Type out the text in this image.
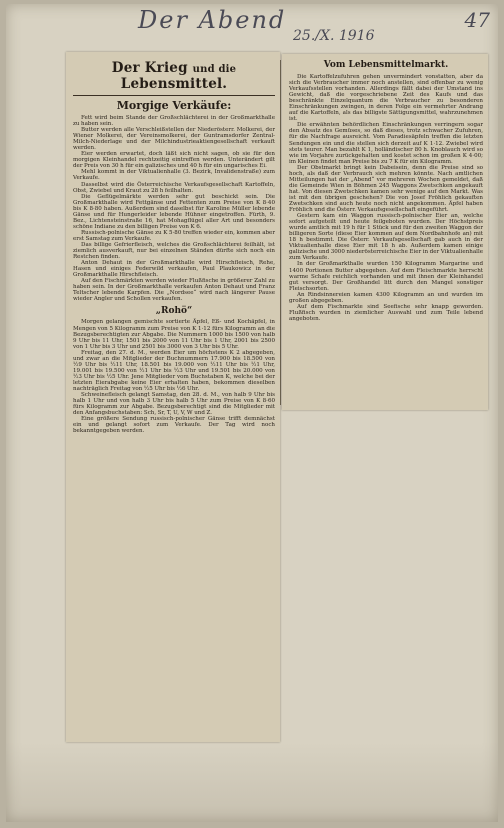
Der Abend
25./X. 1916
47
Der Krieg und die Lebensmittel.
Morgige Verkäufe:

Fett wird beim Stande der Großschlächterei in der Großmarkthalle zu haben sein.

Butter werden alle Verschleißstellen der Niederösterr. Molkerei, der Wiener Molkerei, der Vereinsmolkerei, der Guntramsdorfer Zentral-Milch-Niederlage und der Milchindustrieaktiengesellschaft verkauft werden.

Eier werden erwartet, doch läßt sich nicht sagen, ob sie für den morgigen Kleinhandel rechtzeitig eintreffen werden. Unterändert gilt der Preis von 30 h für ein galizisches und 40 h für ein ungarisches Ei.

Mehl kommt in der Viktualienhalle (3. Bezirk, Invalidenstraße) zum Verkaufe.

Dasselbst wird die Österreichische Verkaufsgesellschaft Kartoffeln, Obst, Zwiebel und Kraut zu 28 h feilhalten.

Die Geflügelmärkte werden sehr gut beschickt sein. Die Großmarkthalle wird Fettgänse und Fettenten zum Preise von K 8·40 bis K 8·80 haben. Außerdem sind daselbst für Karoline Müller lebende Gänse und für Hungerleider lebende Hühner eingetroffen. Fürth, 9. Bez., Lichtensteinstraße 16, hat Mohagflügel aller Art und besonders schöne Indiane zu den billigen Preise von K 6.

Russisch-polnische Gänse zu K 5·80 treffen wieder ein, kommen aber erst Samstag zum Verkaufe.

Das billige Gefrierfleisch, welches die Großschlächterei feilhält, ist ziemlich ausverkauft, nur bei einzelnen Ständen dürfte sich noch ein Restchen finden.

Anton Dehaut in der Großmarkthalle wird Hirschfleisch, Rehe, Hasen und einiges Federwild verkaufen, Paul Plaukowicz in der Großmarkthalle Hirschfleisch.

Auf den Fischmärkten werden wieder Flußfische in größerer Zahl zu haben sein. In der Großmarkthalle verkaufen Anton Dehaut und Franz Teltscher lebende Karpfen. Die „Nordsee“ wird nach längerer Pause wieder Angler und Schollen verkaufen.

„Rohö“

Morgen gelangen gemischte sortierte Äpfel, Eß- und Kochäpfel, in Mengen von 5 Kilogramm zum Preise von K 1·12 fürs Kilogramm an die Bezugsberechtigten zur Abgabe. Die Nummern 1000 bis 1500 von halb 9 Uhr bis 11 Uhr, 1501 bis 2000 von 11 Uhr bis 1 Uhr, 2001 bis 2500 von 1 Uhr bis 3 Uhr und 2501 bis 3000 von 3 Uhr bis 5 Uhr.

Freitag, den 27. d. M., werden Eier um höchstens K 2 abgegeben, und zwar an die Mitglieder der Buchnummern 17.900 bis 18.500 von ½9 Uhr bis ½11 Uhr, 18.501 bis 19.000 von ½11 Uhr bis ½1 Uhr, 19.001 bis 19.500 von ½1 Uhr bis ½3 Uhr und 19.501 bis 20.000 von ½3 Uhr bis ½5 Uhr. Jene Mitglieder vom Buchstaben K, welche bei der letzten Eierabgabe keine Eier erhalten haben, bekommen dieselben nachträglich Freitag von ½5 Uhr bis ½6 Uhr.

Schweinefleisch gelangt Samstag, den 28. d. M., von halb 9 Uhr bis halb 1 Uhr und von halb 3 Uhr bis halb 5 Uhr zum Preise von K 8·60 fürs Kilogramm zur Abgabe. Bezugsberechtigt sind die Mitglieder mit den Anfangsbuchstaben: Sch, Sr, T, U, V, W und Z.

Eine größere Sendung russisch-polnischer Gänse trifft demnächst ein und gelangt sofort zum Verkaufe. Der Tag wird noch bekanntgegeben werden.

Vom Lebensmittelmarkt.

Die Kartoffelzufuhren gehen unvermindert vonstatten, aber da sich die Verbraucher immer noch anstellen, sind offenbar zu wenig Verkaufsstellen vorhanden. Allerdings fällt dabei der Umstand ins Gewicht, daß die vorgeschriebene Zeit des Kaufs und das beschränkte Einzelquantum die Verbraucher zu besonderen Einschränkungen zwingen, in deren Folge ein vermehrter Andrang auf die Kartoffeln, als das billigste Sättigungsmittel, wahrzunehmen ist.

Die erwähnten behördlichen Einschränkungen verringern sogar den Absatz des Gemüses, so daß dieses, trotz schwacher Zufuhren, für die Nachfrage ausreicht. Vom Paradiesäpfeln treffen die letzten Sendungen ein und die stellen sich derzeit auf K 1·12. Zwiebel wird stets teurer. Man bezahlt K 1, holländischer 80 h. Knoblauch wird so wie im Vorjahre zurückgehalten und kostet schon im großen K 4·00; im Kleinen findet man Preise bis zu 7 K für ein Kilogramm.

Der Obstmarkt bringt kein Dabeisein, denn die Preise sind so hoch, als daß der Verbrauch sich mehren könnte. Nach amtlichen Mitteilungen hat der „Abend“ vor mehreren Wochen gemeldet, daß die Gemeinde Wien in Böhmen 245 Waggons Zwetschken angekauft hat. Von diesen Zwetschken kamen sehr wenige auf den Markt. Was ist mit den übrigen geschehen? Die von Josef Fröhlich gekauften Zwetschken sind auch heute noch nicht angekommen. Äpfel haben Fröhlich und die Österr. Verkaufsgesellschaft eingeführt.

Gestern kam ein Waggon russisch-polnischer Eier an, welche sofort aufgeteilt und heute feilgeboten wurden. Der Höchstpreis wurde amtlich mit 19 h für 1 Stück und für den zweiten Waggon der billigeren Sorte (diese Eier kommen auf dem Nordbahnhofe an) mit 18 h bestimmt. Die Österr. Verkaufsgesellschaft gab auch in der Viktualienhalle diese Eier mit 18 h ab. Außerdem kamen einige galizische und 3000 niederösterreichische Eier in der Viktualienhalle zum Verkaufe.

In der Großmarkthalle wurden 150 Kilogramm Margarine und 1400 Portionen Butter abgegeben. Auf dem Fleischmarkte herrscht warme Schafe reichlich vorhanden und mit ihnen der Kleinhandel gut versorgt. Der Großhandel litt durch den Mangel sonstiger Fleischsorten.

An Rindsinnereien kamen 4300 Kilogramm an und wurden im großen abgegeben.

Auf dem Fischmarkte sind Seefische sehr knapp geworden. Flußfisch wurden in ziemlicher Auswahl und zum Teile lebend angeboten.
